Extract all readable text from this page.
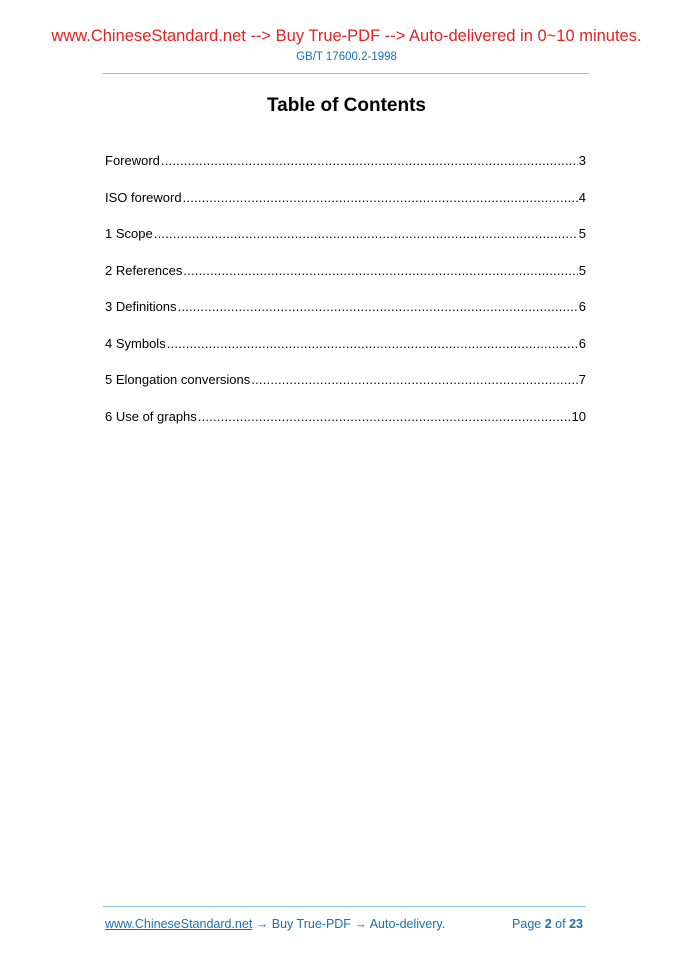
www.ChineseStandard.net --> Buy True-PDF --> Auto-delivered in 0~10 minutes.
GB/T 17600.2-1998
Table of Contents
Foreword .....	3
ISO foreword .....	4
1 Scope .....	5
2 References .....	5
3 Definitions .....	6
4 Symbols .....	6
5 Elongation conversions .....	7
6 Use of graphs .....	10
www.ChineseStandard.net → Buy True-PDF → Auto-delivery.	Page 2 of 23
